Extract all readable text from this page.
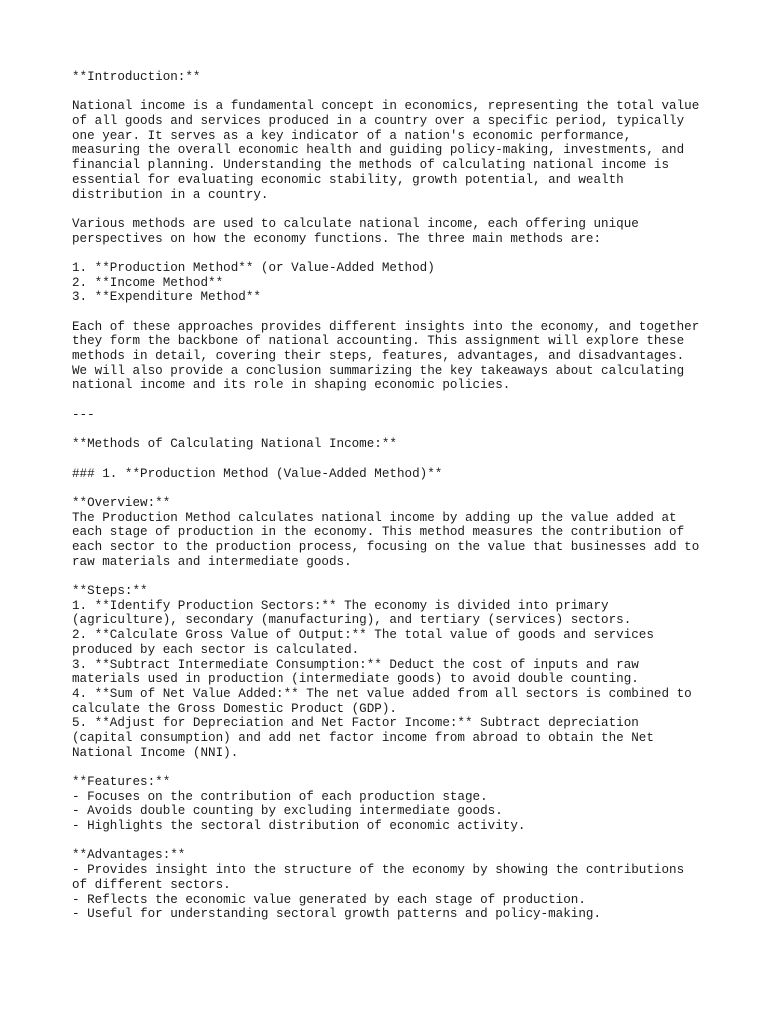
**Introduction:**
National income is a fundamental concept in economics, representing the total value
of all goods and services produced in a country over a specific period, typically
one year. It serves as a key indicator of a nation's economic performance,
measuring the overall economic health and guiding policy-making, investments, and
financial planning. Understanding the methods of calculating national income is
essential for evaluating economic stability, growth potential, and wealth
distribution in a country.
Various methods are used to calculate national income, each offering unique
perspectives on how the economy functions. The three main methods are:
1. **Production Method** (or Value-Added Method)
2. **Income Method**
3. **Expenditure Method**
Each of these approaches provides different insights into the economy, and together
they form the backbone of national accounting. This assignment will explore these
methods in detail, covering their steps, features, advantages, and disadvantages.
We will also provide a conclusion summarizing the key takeaways about calculating
national income and its role in shaping economic policies.
---
**Methods of Calculating National Income:**
### 1. **Production Method (Value-Added Method)**
**Overview:**
The Production Method calculates national income by adding up the value added at
each stage of production in the economy. This method measures the contribution of
each sector to the production process, focusing on the value that businesses add to
raw materials and intermediate goods.
**Steps:**
1. **Identify Production Sectors:** The economy is divided into primary
(agriculture), secondary (manufacturing), and tertiary (services) sectors.
2. **Calculate Gross Value of Output:** The total value of goods and services
produced by each sector is calculated.
3. **Subtract Intermediate Consumption:** Deduct the cost of inputs and raw
materials used in production (intermediate goods) to avoid double counting.
4. **Sum of Net Value Added:** The net value added from all sectors is combined to
calculate the Gross Domestic Product (GDP).
5. **Adjust for Depreciation and Net Factor Income:** Subtract depreciation
(capital consumption) and add net factor income from abroad to obtain the Net
National Income (NNI).
**Features:**
- Focuses on the contribution of each production stage.
- Avoids double counting by excluding intermediate goods.
- Highlights the sectoral distribution of economic activity.
**Advantages:**
- Provides insight into the structure of the economy by showing the contributions
of different sectors.
- Reflects the economic value generated by each stage of production.
- Useful for understanding sectoral growth patterns and policy-making.
